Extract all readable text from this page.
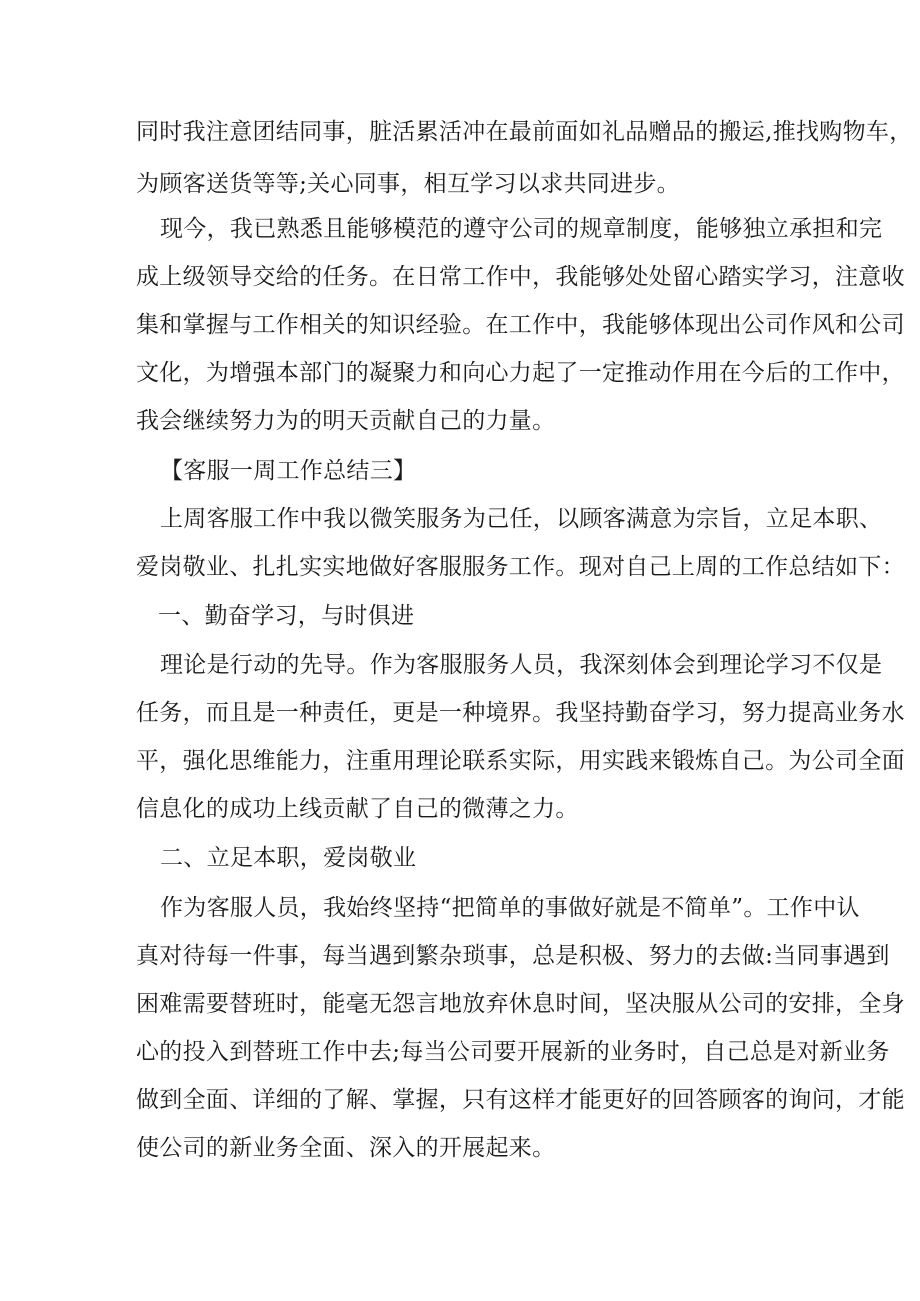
同时我注意团结同事，脏活累活冲在最前面如礼品赠品的搬运,推找购物车，
为顾客送货等等;关心同事，相互学习以求共同进步。
现今，我已熟悉且能够模范的遵守公司的规章制度，能够独立承担和完
成上级领导交给的任务。在日常工作中，我能够处处留心踏实学习，注意收
集和掌握与工作相关的知识经验。在工作中，我能够体现出公司作风和公司
文化，为增强本部门的凝聚力和向心力起了一定推动作用在今后的工作中，
我会继续努力为的明天贡献自己的力量。
【客服一周工作总结三】
上周客服工作中我以微笑服务为己任，以顾客满意为宗旨，立足本职、
爱岗敬业、扎扎实实地做好客服服务工作。现对自己上周的工作总结如下：
一、勤奋学习，与时俱进
理论是行动的先导。作为客服服务人员，我深刻体会到理论学习不仅是
任务，而且是一种责任，更是一种境界。我坚持勤奋学习，努力提高业务水
平，强化思维能力，注重用理论联系实际，用实践来锻炼自己。为公司全面
信息化的成功上线贡献了自己的微薄之力。
二、立足本职，爱岗敬业
作为客服人员，我始终坚持“把简单的事做好就是不简单”。工作中认
真对待每一件事，每当遇到繁杂琐事，总是积极、努力的去做:当同事遇到
困难需要替班时，能毫无怨言地放弃休息时间，坚决服从公司的安排，全身
心的投入到替班工作中去;每当公司要开展新的业务时，自己总是对新业务
做到全面、详细的了解、掌握，只有这样才能更好的回答顾客的询问，才能
使公司的新业务全面、深入的开展起来。
